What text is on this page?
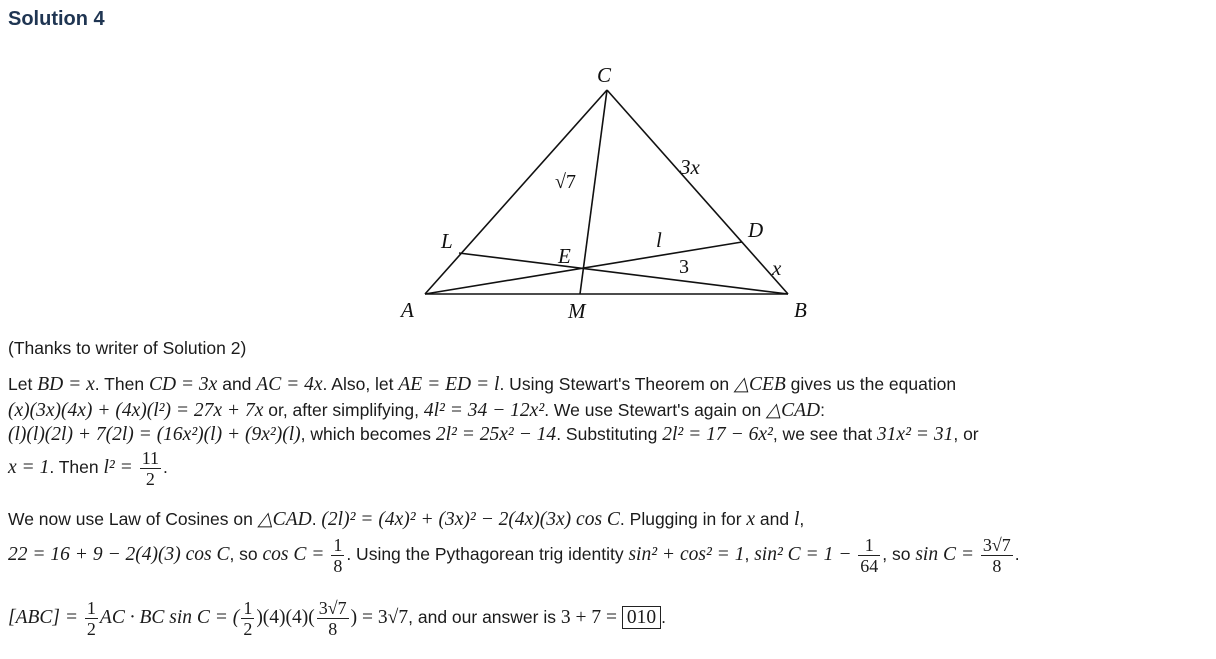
Solution 4
C
A	B
M
L	D
E
√7
3x
x
l
3
(Thanks to writer of Solution 2)
Let BD = x. Then CD = 3x and AC = 4x. Also, let AE = ED = l. Using Stewart's Theorem on △CEB gives us the equation
(x)(3x)(4x) + (4x)(l²) = 27x + 7x or, after simplifying, 4l² = 34 − 12x². We use Stewart's again on △CAD:
(l)(l)(2l) + 7(2l) = (16x²)(l) + (9x²)(l), which becomes 2l² = 25x² − 14. Substituting 2l² = 17 − 6x², we see that 31x² = 31, or
x = 1. Then $l^2 = \frac{11}{2}$ .
We now use Law of Cosines on △CAD. (2l)² = (4x)² + (3x)² − 2(4x)(3x) cos C. Plugging in for x and l,
22 = 16 + 9 − 2(4)(3) cos C, so $\cos C = \frac{1}{8}$ . Using the Pythagorean trig identity sin² + cos² = 1, sin² $C = 1 - \frac{1}{64}$ , so $\sin C = \frac{3√7}{8}$ .
$[ABC] = \frac{1}{2}$ AC · BC sin C = ( $\frac{1}{2} )(4)(4)( \frac{3√7}{8}$ ) = 3√7, and our answer is 3 + 7 = 010 .
